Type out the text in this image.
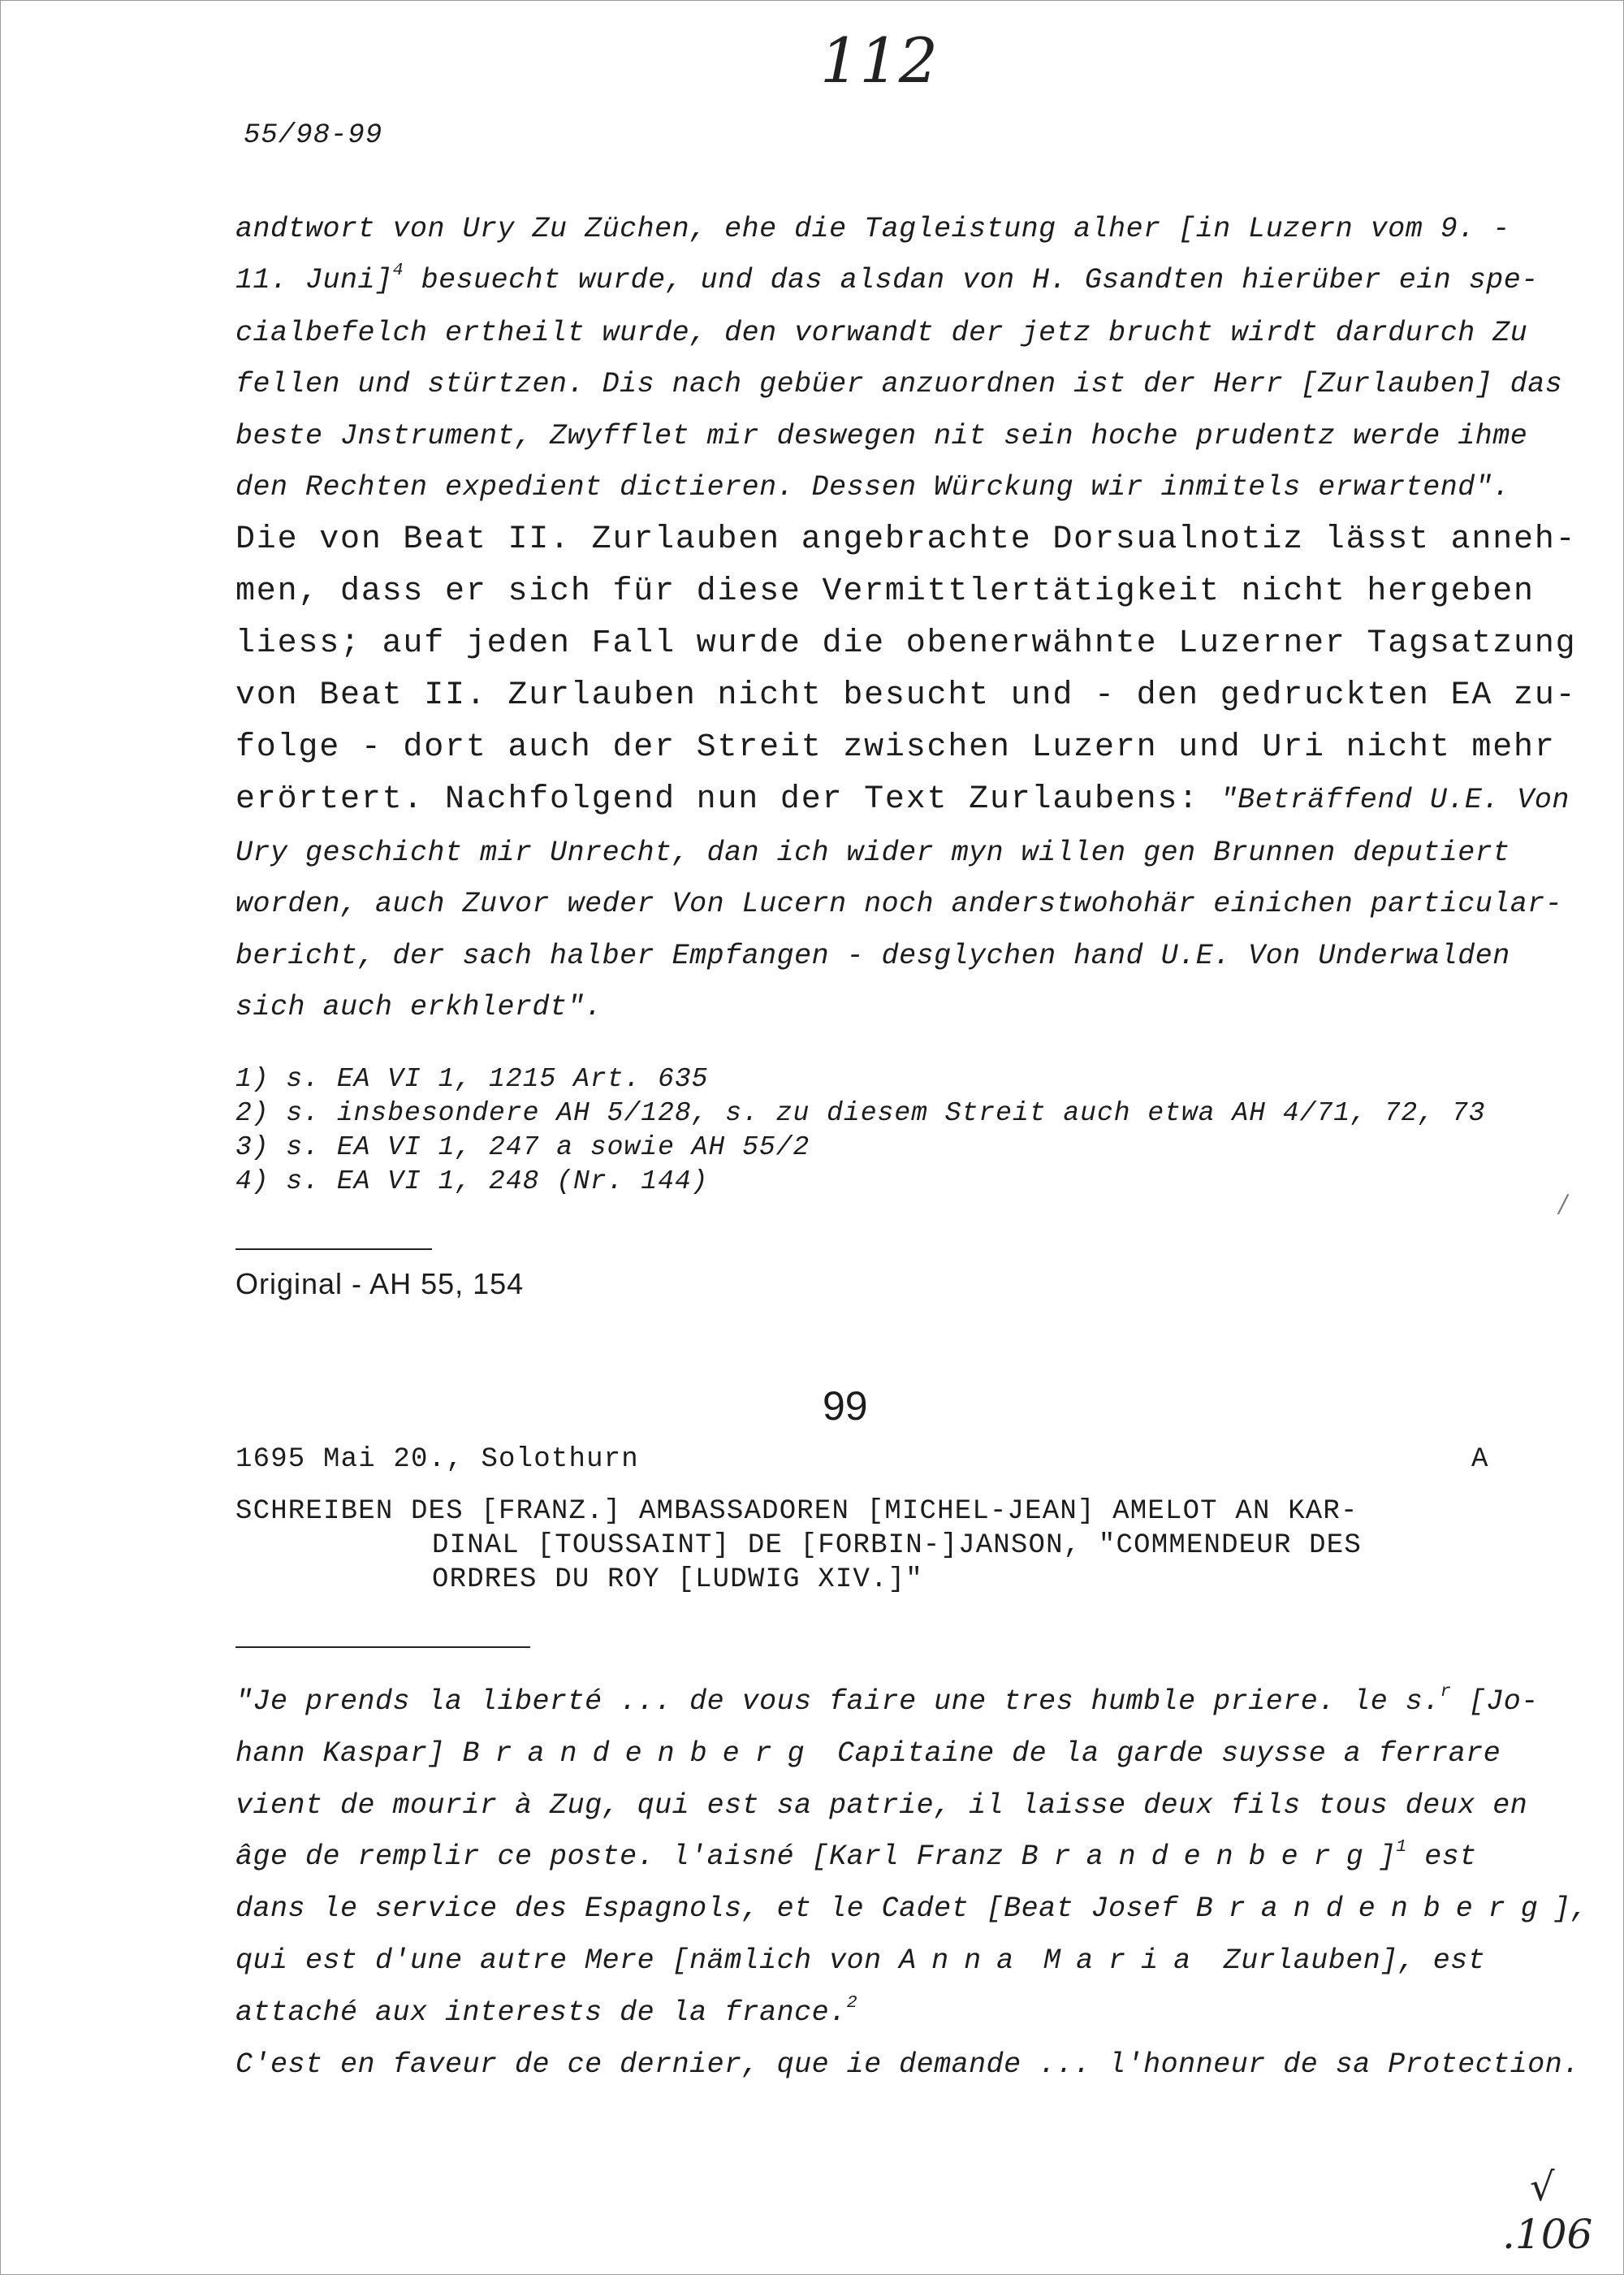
112
55/98-99
andtwort von Ury Zu Züchen, ehe die Tagleistung alher [in Luzern vom 9. -
11. Juni]$^4$ besuecht wurde, und das alsdan von H. Gsandten hierüber ein spe-
cialbefelch ertheilt wurde, den vorwandt der jetz brucht wirdt dardurch Zu
fellen und stürtzen. Dis nach gebüer anzuordnen ist der Herr [Zurlauben] das
beste Jnstrument, Zwyfflet mir deswegen nit sein hoche prudentz werde ihme
den Rechten expedient dictieren. Dessen Würckung wir inmitels erwartend".
Die von Beat II. Zurlauben angebrachte Dorsualnotiz lässt anneh-
men, dass er sich für diese Vermittlertätigkeit nicht hergeben
liess; auf jeden Fall wurde die obenerwähnte Luzerner Tagsatzung
von Beat II. Zurlauben nicht besucht und - den gedruckten EA zu-
folge - dort auch der Streit zwischen Luzern und Uri nicht mehr
erörtert. Nachfolgend nun der Text Zurlaubens: "Beträffend U.E. Von
Ury geschicht mir Unrecht, dan ich wider myn willen gen Brunnen deputiert
worden, auch Zuvor weder Von Lucern noch anderstwohohär einichen particular-
bericht, der sach halber Empfangen - desglychen hand U.E. Von Underwalden
sich auch erkhlerdt".
1) s. EA VI 1, 1215 Art. 635
2) s. insbesondere AH 5/128, s. zu diesem Streit auch etwa AH 4/71, 72, 73
3) s. EA VI 1, 247 a sowie AH 55/2
4) s. EA VI 1, 248 (Nr. 144)
Original - AH 55, 154
99
1695 Mai 20., Solothurn	A
SCHREIBEN DES [FRANZ.] AMBASSADOREN [MICHEL-JEAN] AMELOT AN KAR-
DINAL [TOUSSAINT] DE [FORBIN-]JANSON, "COMMENDEUR DES
ORDRES DU ROY [LUDWIG XIV.]"
"Je prends la liberté ... de vous faire une tres humble priere. le s.$^r$ [Jo-
hann Kaspar] Brandenberg Capitaine de la garde suysse a ferrare
vient de mourir à Zug, qui est sa patrie, il laisse deux fils tous deux en
âge de remplir ce poste. l'aisné [Karl Franz Brandenberg]$^1$ est
dans le service des Espagnols, et le Cadet [Beat Josef Brandenberg],
qui est d'une autre Mere [nämlich von Anna Maria Zurlauben], est
attaché aux interests de la france.$^2$
C'est en faveur de ce dernier, que ie demande ... l'honneur de sa Protection.
/
√
.106
